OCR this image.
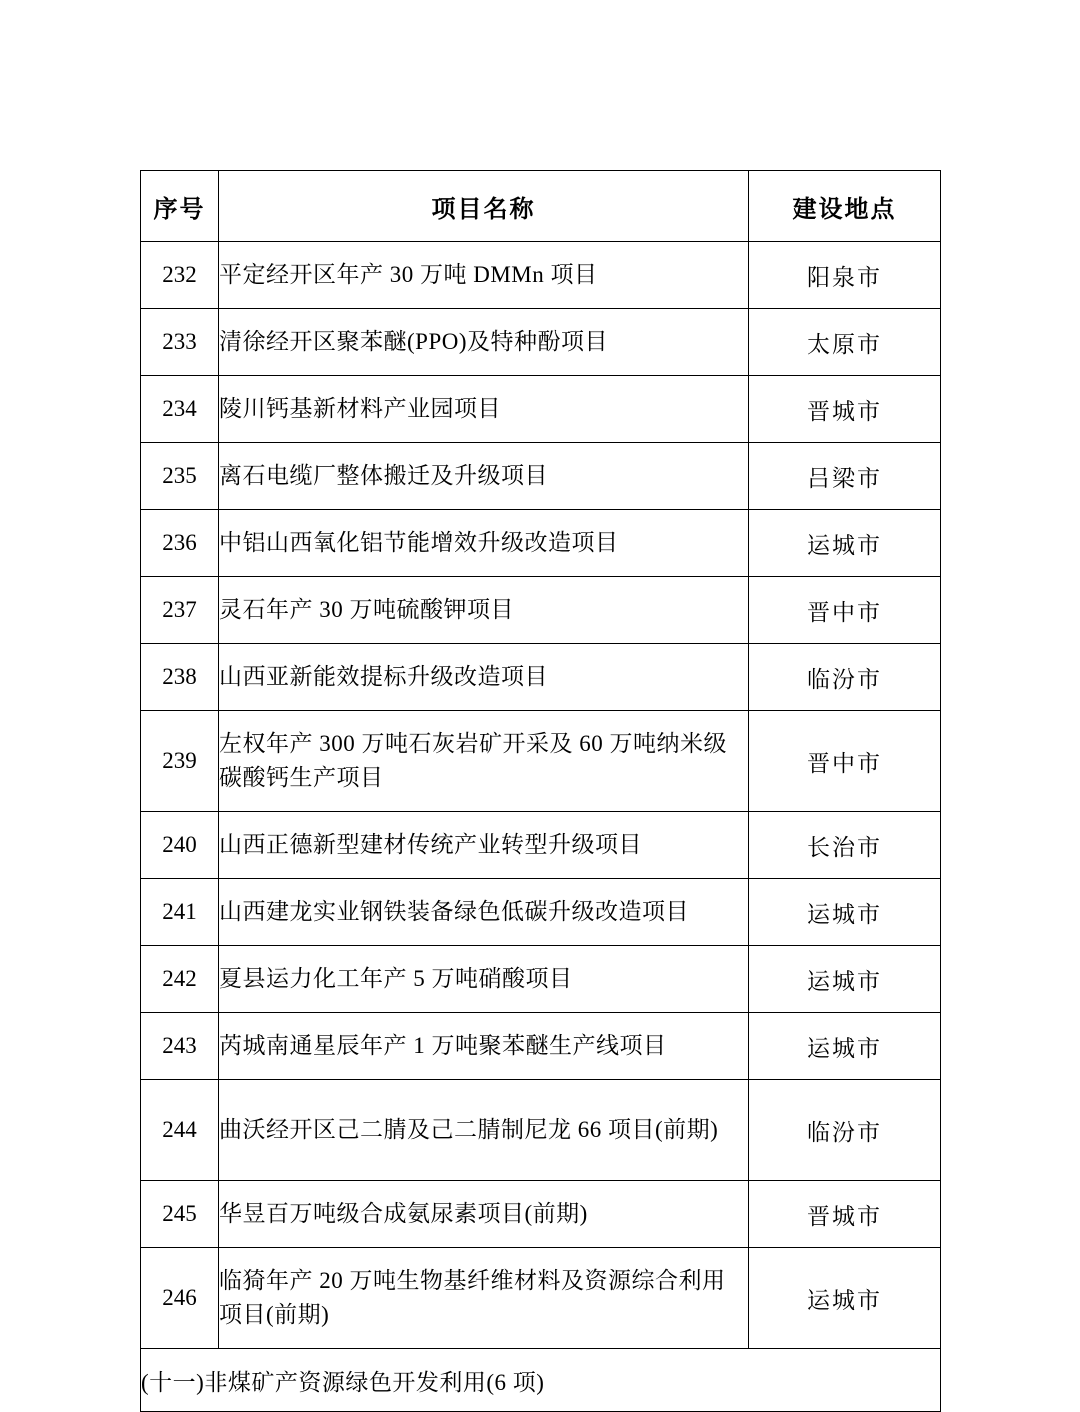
序号	项目名称	建设地点
232	平定经开区年产 30 万吨 DMMn 项目	阳泉市
233	清徐经开区聚苯醚(PPO)及特种酚项目	太原市
234	陵川钙基新材料产业园项目	晋城市
235	离石电缆厂整体搬迁及升级项目	吕梁市
236	中铝山西氧化铝节能增效升级改造项目	运城市
237	灵石年产 30 万吨硫酸钾项目	晋中市
238	山西亚新能效提标升级改造项目	临汾市
239	左权年产 300 万吨石灰岩矿开采及 60 万吨纳米级碳酸钙生产项目	晋中市
240	山西正德新型建材传统产业转型升级项目	长治市
241	山西建龙实业钢铁装备绿色低碳升级改造项目	运城市
242	夏县运力化工年产 5 万吨硝酸项目	运城市
243	芮城南通星辰年产 1 万吨聚苯醚生产线项目	运城市
244	曲沃经开区己二腈及己二腈制尼龙 66 项目(前期)	临汾市
245	华昱百万吨级合成氨尿素项目(前期)	晋城市
246	临猗年产 20 万吨生物基纤维材料及资源综合利用项目(前期)	运城市
(十一)非煤矿产资源绿色开发利用(6 项)		
